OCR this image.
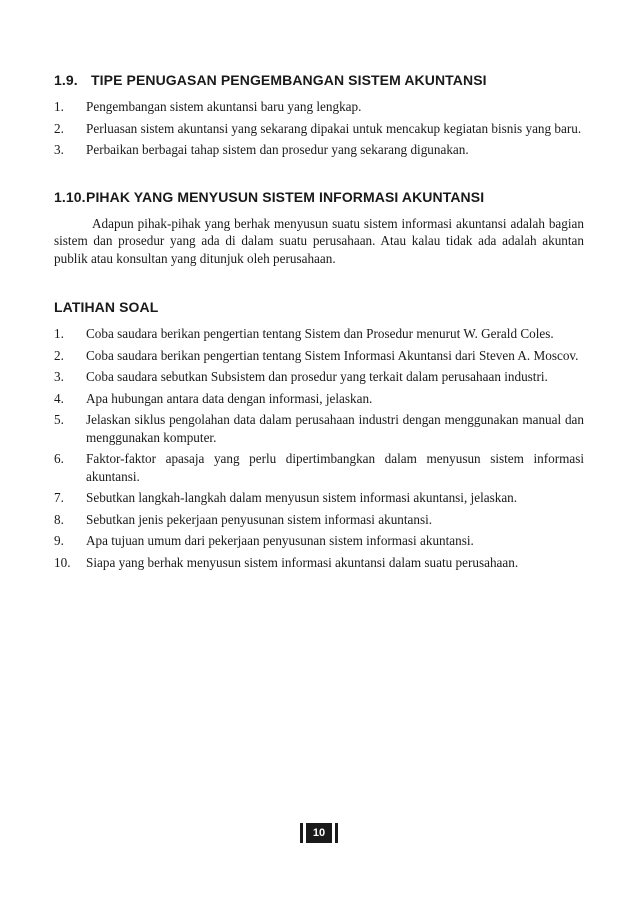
1.9. TIPE PENUGASAN PENGEMBANGAN SISTEM AKUNTANSI
1.	Pengembangan sistem akuntansi baru yang lengkap.
2.	Perluasan sistem akuntansi yang sekarang dipakai untuk mencakup kegiatan bisnis yang baru.
3.	Perbaikan berbagai tahap sistem dan prosedur yang sekarang digunakan.
1.10. PIHAK YANG MENYUSUN SISTEM INFORMASI AKUNTANSI

Adapun pihak-pihak yang berhak menyusun suatu sistem informasi akuntansi adalah bagian sistem dan prosedur yang ada di dalam suatu perusahaan. Atau kalau tidak ada adalah akuntan publik atau konsultan yang ditunjuk oleh perusahaan.

LATIHAN SOAL
1.	Coba saudara berikan pengertian tentang Sistem dan Prosedur menurut W. Gerald Coles.
2.	Coba saudara berikan pengertian tentang Sistem Informasi Akuntansi dari Steven A. Moscov.
3.	Coba saudara sebutkan Subsistem dan prosedur yang terkait dalam perusahaan industri.
4.	Apa hubungan antara data dengan informasi, jelaskan.
5.	Jelaskan siklus pengolahan data dalam perusahaan industri dengan menggunakan manual dan menggunakan komputer.
6.	Faktor-faktor apasaja yang perlu dipertimbangkan dalam menyusun sistem informasi akuntansi.
7.	Sebutkan langkah-langkah dalam menyusun sistem informasi akuntansi, jelaskan.
8.	Sebutkan jenis pekerjaan penyusunan sistem informasi akuntansi.
9.	Apa tujuan umum dari pekerjaan penyusunan sistem informasi akuntansi.
10.	Siapa yang berhak menyusun sistem informasi akuntansi dalam suatu perusahaan.
10
